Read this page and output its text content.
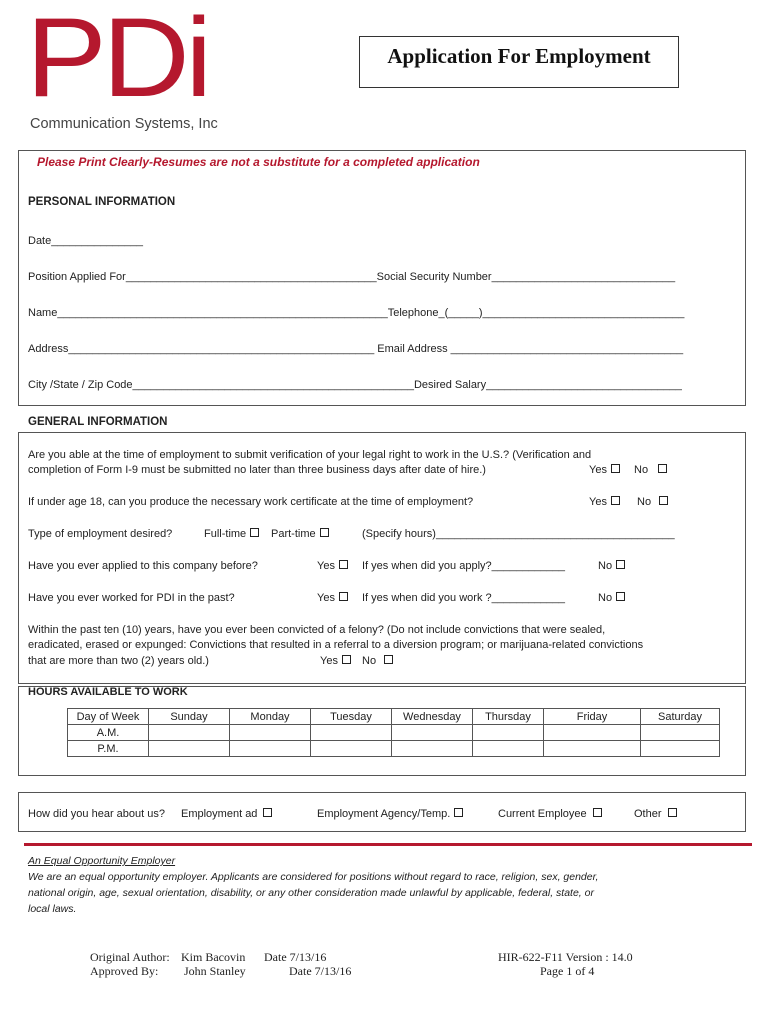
PDi
Communication Systems, Inc
Application For Employment
Please Print Clearly-Resumes are not a substitute for a completed application
PERSONAL INFORMATION
Date_______________
Position Applied For_________________________________________Social Security Number______________________________
Name______________________________________________________Telephone_(_____)_________________________________
Address__________________________________________________ Email Address ______________________________________
City /State / Zip Code______________________________________________Desired Salary________________________________
GENERAL INFORMATION
Are you able at the time of employment to submit verification of your legal right to work in the U.S.? (Verification and
completion of Form I-9 must be submitted no later than three business days after date of hire.)	Yes	No
If under age 18, can you produce the necessary work certificate at the time of employment?	Yes	No
Type of employment desired?	Full-time	Part-time	(Specify hours)_______________________________________
Have you ever applied to this company before?	Yes	If yes when did you apply?____________	No
Have you ever worked for PDI in the past?	Yes	If yes when did you work ?____________	No
Within the past ten (10) years, have you ever been convicted of a felony? (Do not include convictions that were sealed,
eradicated, erased or expunged: Convictions that resulted in a referral to a diversion program; or marijuana-related convictions
that are more than two (2) years old.)	Yes	No
HOURS AVAILABLE TO WORK
Day of Week	Sunday	Monday	Tuesday	Wednesday	Thursday	Friday	Saturday
A.M.							
P.M.							
How did you hear about us? Employment ad	Employment Agency/Temp.	Current Employee	Other
An Equal Opportunity Employer
We are an equal opportunity employer. Applicants are considered for positions without regard to race, religion, sex, gender,
national origin, age, sexual orientation, disability, or any other consideration made unlawful by applicable, federal, state, or
local laws.
Original Author: Kim Bacovin Date 7/13/16
Approved By: John Stanley	Date 7/13/16
HIR-622-F11 Version : 14.0
Page 1 of 4
